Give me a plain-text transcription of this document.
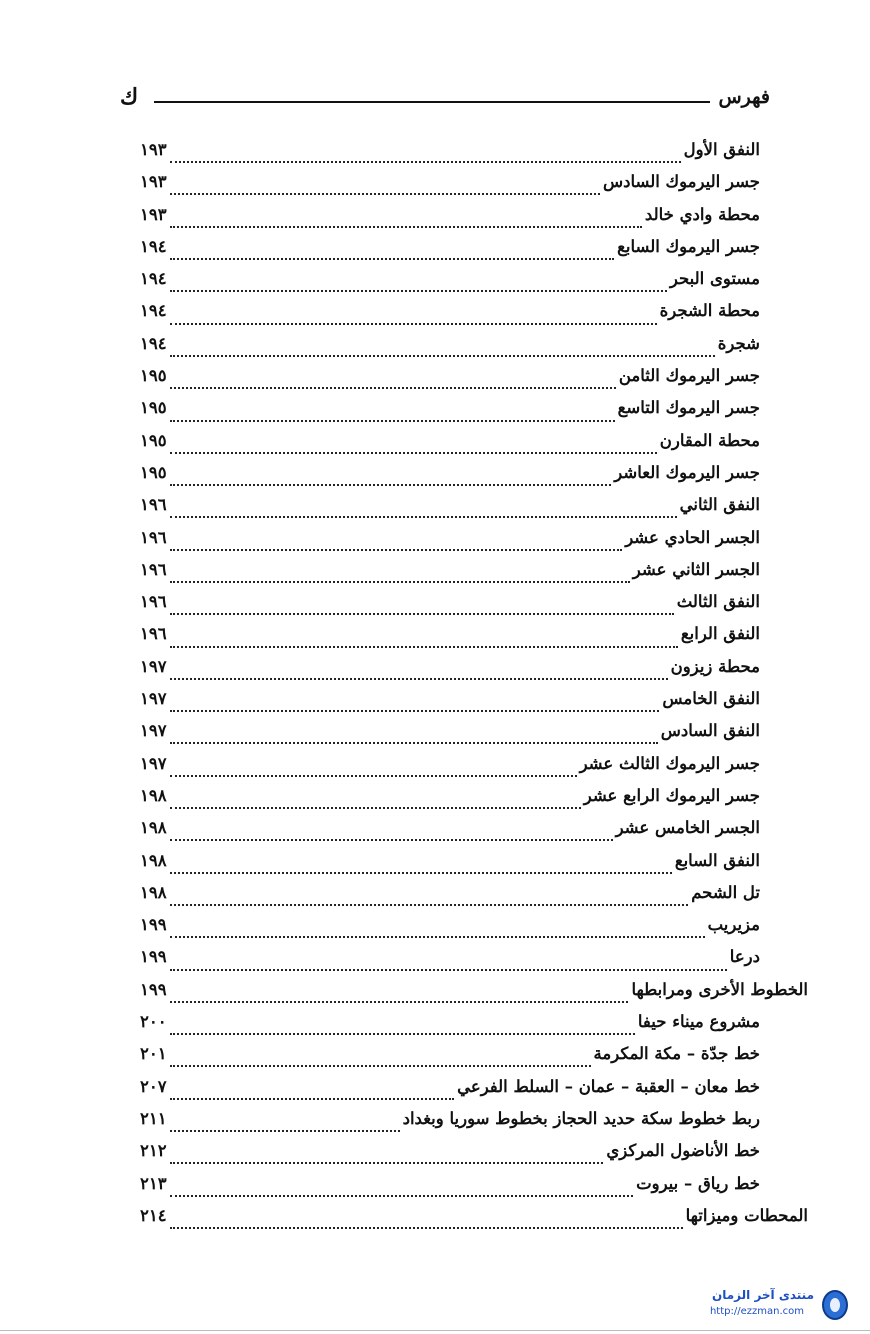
فهرس
ك
النفق الأول
١٩٣
جسر اليرموك السادس
١٩٣
محطة وادي خالد
١٩٣
جسر اليرموك السابع
١٩٤
مستوى البحر
١٩٤
محطة الشجرة
١٩٤
شجرة
١٩٤
جسر اليرموك الثامن
١٩٥
جسر اليرموك التاسع
١٩٥
محطة المقارن
١٩٥
جسر اليرموك العاشر
١٩٥
النفق الثاني
١٩٦
الجسر الحادي عشر
١٩٦
الجسر الثاني عشر
١٩٦
النفق الثالث
١٩٦
النفق الرابع
١٩٦
محطة زيزون
١٩٧
النفق الخامس
١٩٧
النفق السادس
١٩٧
جسر اليرموك الثالث عشر
١٩٧
جسر اليرموك الرابع عشر
١٩٨
الجسر الخامس عشر
١٩٨
النفق السابع
١٩٨
تل الشحم
١٩٨
مزيريب
١٩٩
درعا
١٩٩
الخطوط الأخرى ومرابطها
١٩٩
مشروع ميناء حيفا
٢٠٠
خط جدّة – مكة المكرمة
٢٠١
خط معان – العقبة – عمان – السلط الفرعي
٢٠٧
ربط خطوط سكة حديد الحجاز بخطوط سوريا وبغداد
٢١١
خط الأناضول المركزي
٢١٢
خط رياق – بيروت
٢١٣
المحطات وميزاتها
٢١٤
منتدى آخر الزمان
http://ezzman.com
